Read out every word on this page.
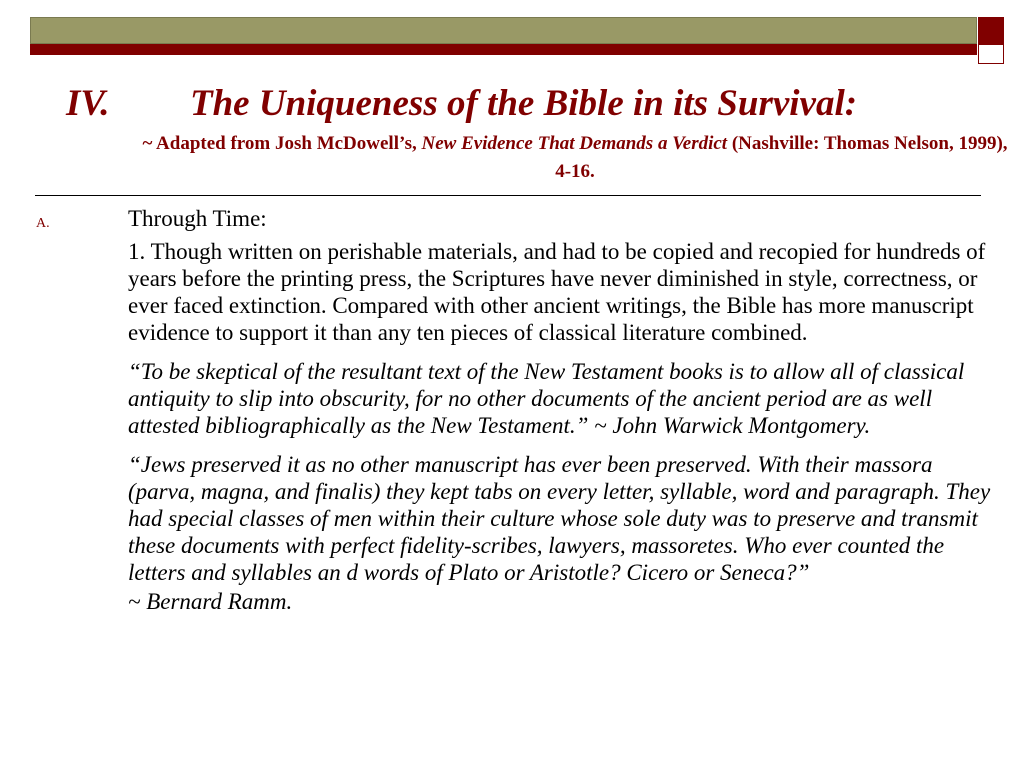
IV. The Uniqueness of the Bible in its Survival:
~ Adapted from Josh McDowell’s, New Evidence That Demands a Verdict (Nashville: Thomas Nelson, 1999), 4-16.
A.	Through Time:

1. Though written on perishable materials, and had to be copied and recopied for hundreds of years before the printing press, the Scriptures have never diminished in style, correctness, or ever faced extinction. Compared with other ancient writings, the Bible has more manuscript evidence to support it than any ten pieces of classical literature combined.

“To be skeptical of the resultant text of the New Testament books is to allow all of classical antiquity to slip into obscurity, for no other documents of the ancient period are as well attested bibliographically as the New Testament.” ~ John Warwick Montgomery.

“Jews preserved it as no other manuscript has ever been preserved. With their massora (parva, magna, and finalis) they kept tabs on every letter, syllable, word and paragraph. They had special classes of men within their culture whose sole duty was to preserve and transmit these documents with perfect fidelity-scribes, lawyers, massoretes. Who ever counted the letters and syllables an d words of Plato or Aristotle? Cicero or Seneca?”

~ Bernard Ramm.
